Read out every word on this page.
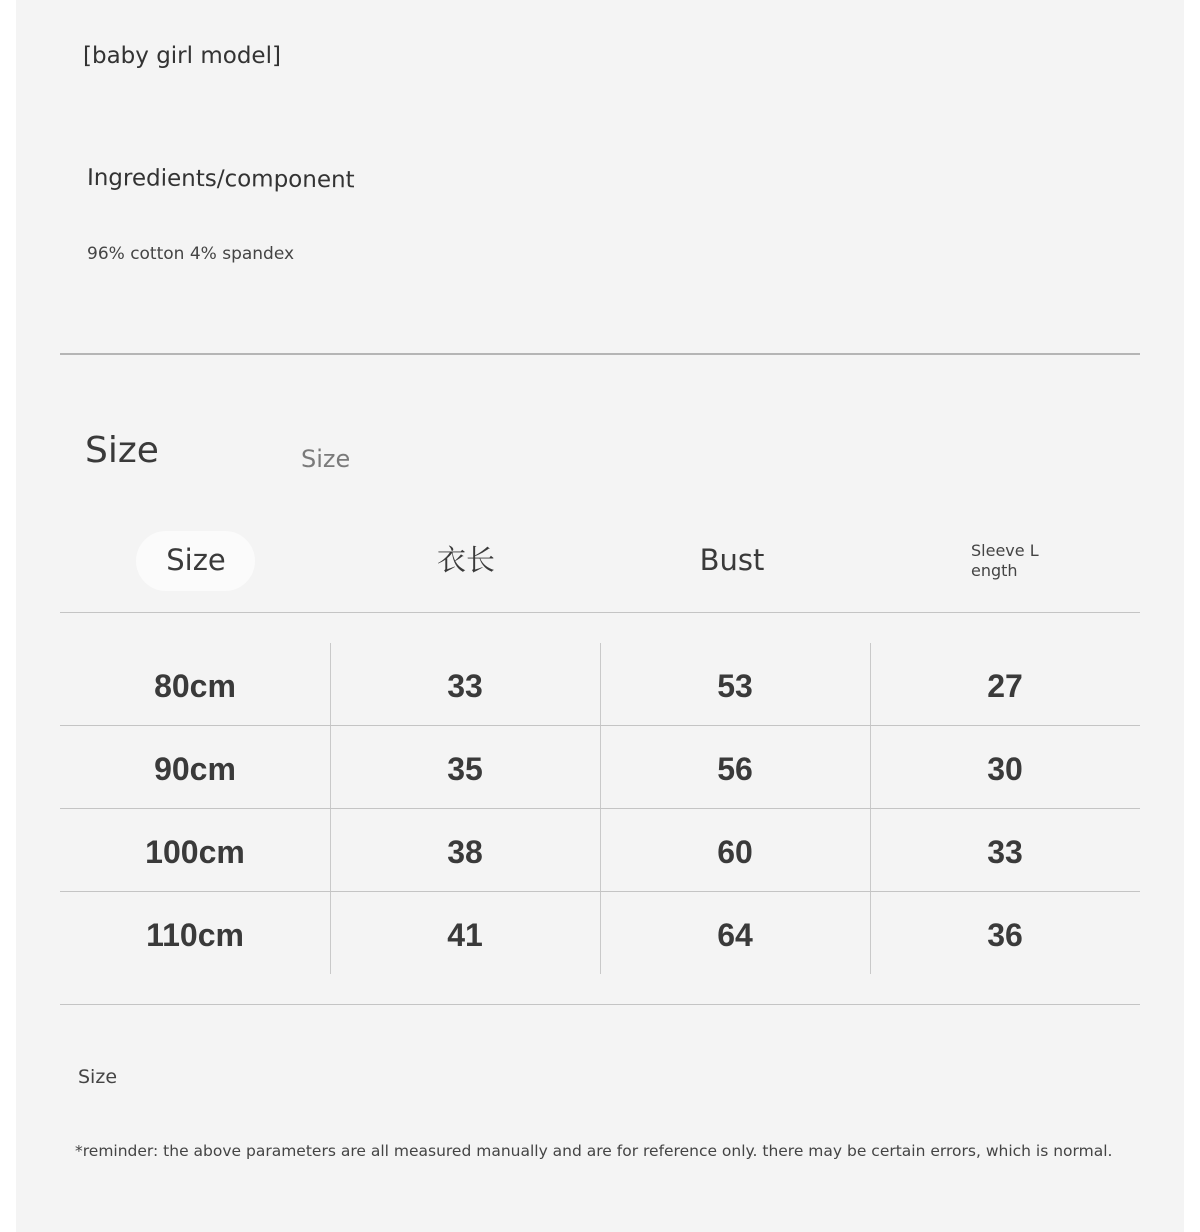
[baby girl model]
Ingredients/component
96% cotton 4% spandex
Size	Size
Size	衣长	Bust	Sleeve L ength
80cm	33	53	27
90cm	35	56	30
100cm	38	60	33
110cm	41	64	36
Size
*reminder: the above parameters are all measured manually and are for reference only. there may be certain errors, which is normal.
